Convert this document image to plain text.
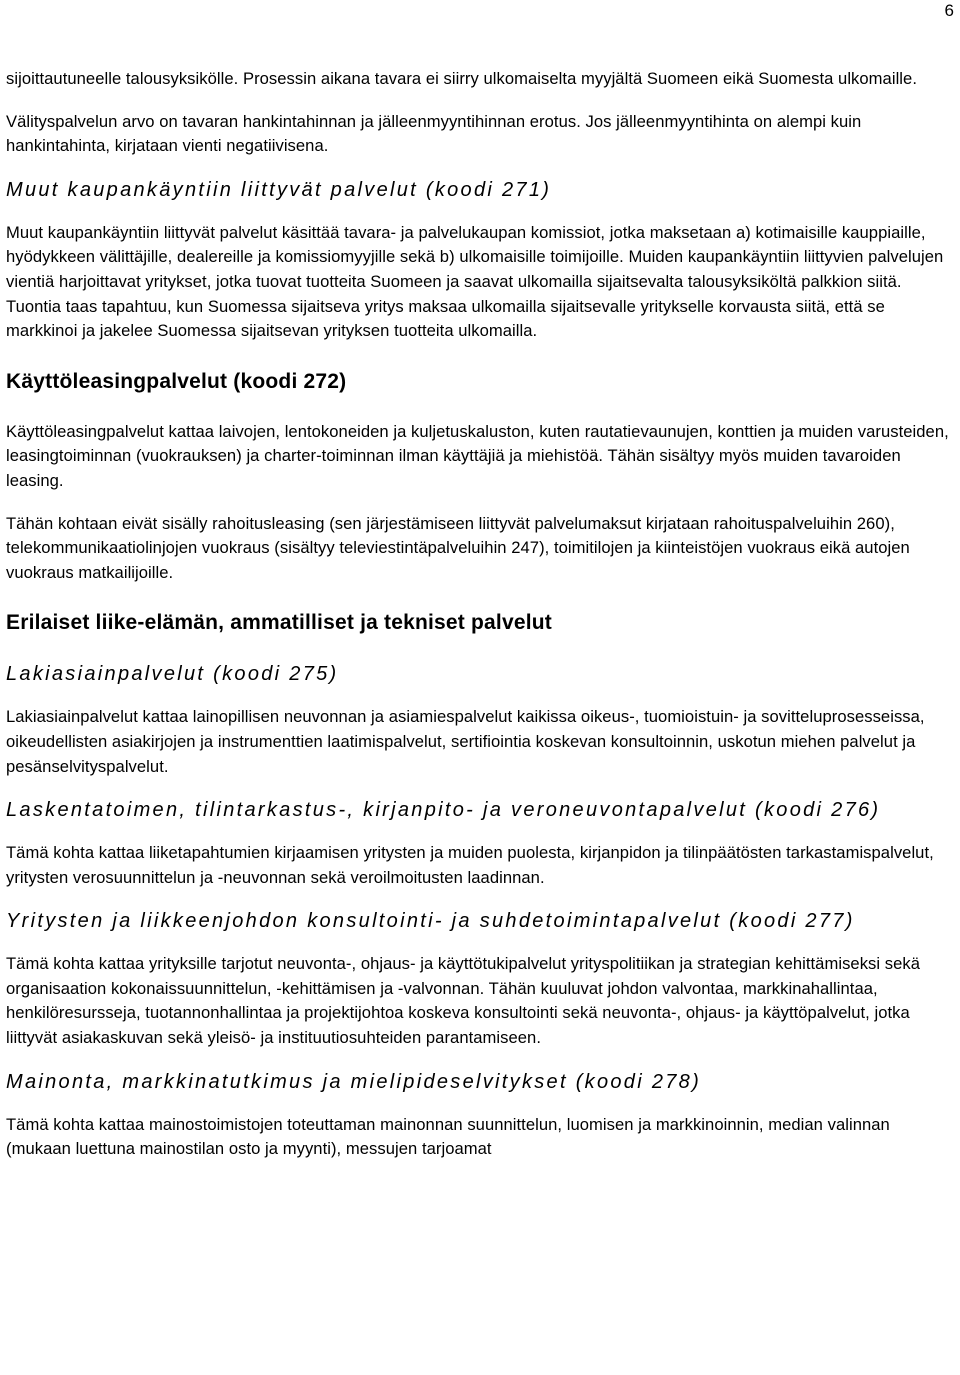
6

sijoittautuneelle talousyksikölle. Prosessin aikana tavara ei siirry ulkomaiselta myyjältä Suomeen eikä Suomesta ulkomaille.

Välityspalvelun arvo on tavaran hankintahinnan ja jälleenmyyntihinnan erotus. Jos jälleenmyyntihinta on alempi kuin hankintahinta, kirjataan vienti negatiivisena.

Muut kaupankäyntiin liittyvät palvelut (koodi 271)

Muut kaupankäyntiin liittyvät palvelut käsittää tavara- ja palvelukaupan komissiot, jotka maksetaan a) kotimaisille kauppiaille, hyödykkeen välittäjille, dealereille ja komissiomyyjille sekä b) ulkomaisille toimijoille. Muiden kaupankäyntiin liittyvien palvelujen vientiä harjoittavat yritykset, jotka tuovat tuotteita Suomeen ja saavat ulkomailla sijaitsevalta talousyksiköltä palkkion siitä. Tuontia taas tapahtuu, kun Suomessa sijaitseva yritys maksaa ulkomailla sijaitsevalle yritykselle korvausta siitä, että se markkinoi ja jakelee Suomessa sijaitsevan yrityksen tuotteita ulkomailla.

Käyttöleasingpalvelut (koodi 272)

Käyttöleasingpalvelut kattaa laivojen, lentokoneiden ja kuljetuskaluston, kuten rautatievaunujen, konttien ja muiden varusteiden, leasingtoiminnan (vuokrauksen) ja charter-toiminnan ilman käyttäjiä ja miehistöä. Tähän sisältyy myös muiden tavaroiden leasing.

Tähän kohtaan eivät sisälly rahoitusleasing (sen järjestämiseen liittyvät palvelumaksut kirjataan rahoituspalveluihin 260), telekommunikaatiolinjojen vuokraus (sisältyy televiestintäpalveluihin 247), toimitilojen ja kiinteistöjen vuokraus eikä autojen vuokraus matkailijoille.

Erilaiset liike-elämän, ammatilliset ja tekniset palvelut
Lakiasiainpalvelut (koodi 275)

Lakiasiainpalvelut kattaa lainopillisen neuvonnan ja asiamiespalvelut kaikissa oikeus-, tuomioistuin- ja sovitteluprosesseissa, oikeudellisten asiakirjojen ja instrumenttien laatimispalvelut, sertifiointia koskevan konsultoinnin, uskotun miehen palvelut ja pesänselvityspalvelut.

Laskentatoimen, tilintarkastus-, kirjanpito- ja veroneuvontapalvelut (koodi 276)

Tämä kohta kattaa liiketapahtumien kirjaamisen yritysten ja muiden puolesta, kirjanpidon ja tilinpäätösten tarkastamispalvelut, yritysten verosuunnittelun ja -neuvonnan sekä veroilmoitusten laadinnan.

Yritysten ja liikkeenjohdon konsultointi- ja suhdetoimintapalvelut (koodi 277)

Tämä kohta kattaa yrityksille tarjotut neuvonta-, ohjaus- ja käyttötukipalvelut yrityspolitiikan ja strategian kehittämiseksi sekä organisaation kokonaissuunnittelun, -kehittämisen ja -valvonnan. Tähän kuuluvat johdon valvontaa, markkinahallintaa, henkilöresursseja, tuotannonhallintaa ja projektijohtoa koskeva konsultointi sekä neuvonta-, ohjaus- ja käyttöpalvelut, jotka liittyvät asiakaskuvan sekä yleisö- ja instituutiosuhteiden parantamiseen.

Mainonta, markkinatutkimus ja mielipideselvitykset (koodi 278)

Tämä kohta kattaa mainostoimistojen toteuttaman mainonnan suunnittelun, luomisen ja markkinoinnin, median valinnan (mukaan luettuna mainostilan osto ja myynti), messujen tarjoamat
